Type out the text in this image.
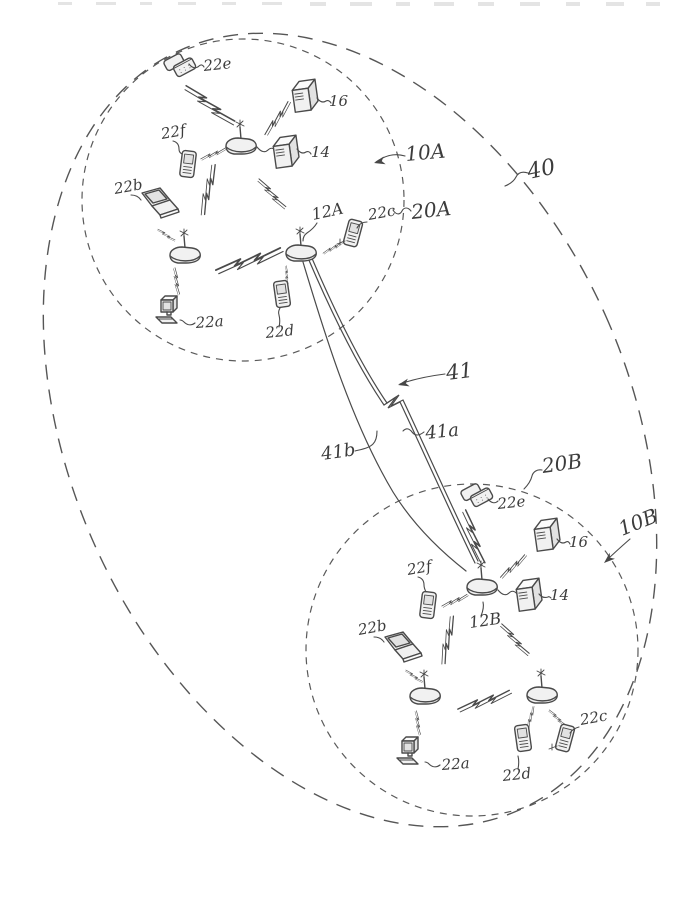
22e
16
22f
14	10A
40
22b
12A 22c 20A
22a	22d
41
41a
41b	20B
22e
16
10B
22f
14
12B
22b
22c
22a
22d
